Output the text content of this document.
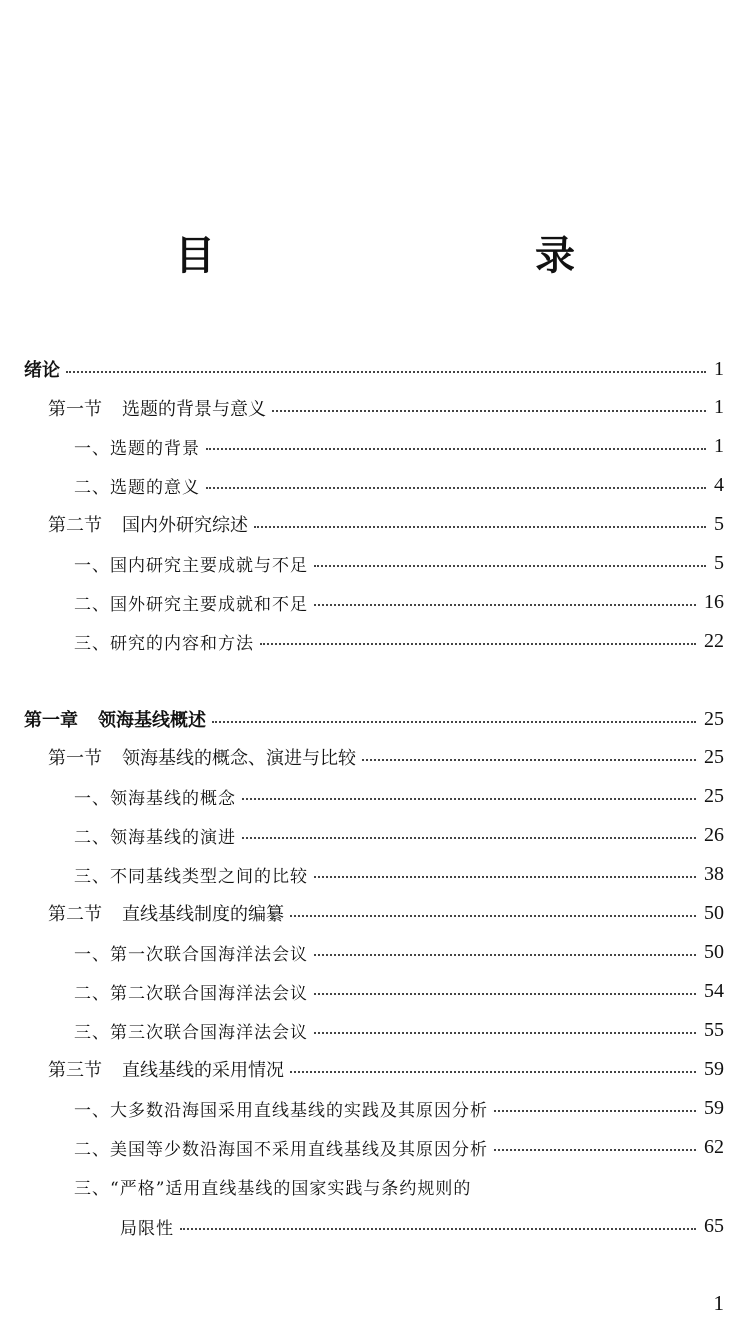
目　　录
绪论	1
第一节 选题的背景与意义	1
一、选题的背景	1
二、选题的意义	4
第二节 国内外研究综述	5
一、国内研究主要成就与不足	5
二、国外研究主要成就和不足	16
三、研究的内容和方法	22
第一章 领海基线概述	25
第一节 领海基线的概念、演进与比较	25
一、领海基线的概念	25
二、领海基线的演进	26
三、不同基线类型之间的比较	38
第二节 直线基线制度的编纂	50
一、第一次联合国海洋法会议	50
二、第二次联合国海洋法会议	54
三、第三次联合国海洋法会议	55
第三节 直线基线的采用情况	59
一、大多数沿海国采用直线基线的实践及其原因分析	59
二、美国等少数沿海国不采用直线基线及其原因分析	62
三、“严格”适用直线基线的国家实践与条约规则的
局限性	65
1
